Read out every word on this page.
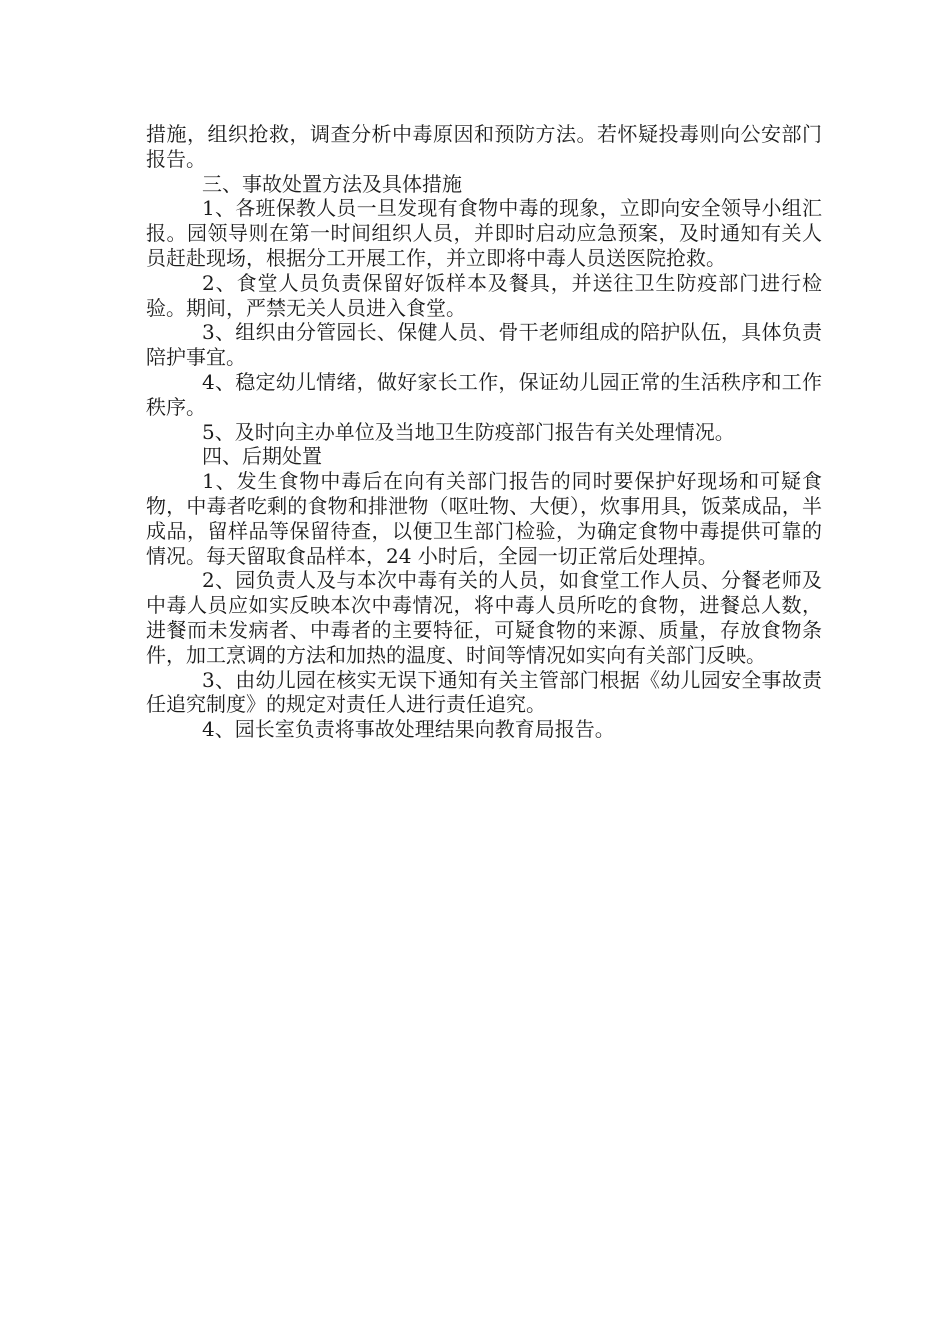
措施，组织抢救，调查分析中毒原因和预防方法。若怀疑投毒则向公安部门报告。

三、事故处置方法及具体措施

1、各班保教人员一旦发现有食物中毒的现象，立即向安全领导小组汇报。园领导则在第一时间组织人员，并即时启动应急预案，及时通知有关人员赶赴现场，根据分工开展工作，并立即将中毒人员送医院抢救。

2、食堂人员负责保留好饭样本及餐具，并送往卫生防疫部门进行检验。期间，严禁无关人员进入食堂。

3、组织由分管园长、保健人员、骨干老师组成的陪护队伍，具体负责陪护事宜。

4、稳定幼儿情绪，做好家长工作，保证幼儿园正常的生活秩序和工作秩序。

5、及时向主办单位及当地卫生防疫部门报告有关处理情况。

四、后期处置

1、发生食物中毒后在向有关部门报告的同时要保护好现场和可疑食物，中毒者吃剩的食物和排泄物（呕吐物、大便），炊事用具，饭菜成品，半成品，留样品等保留待查，以便卫生部门检验，为确定食物中毒提供可靠的情况。每天留取食品样本，24 小时后，全园一切正常后处理掉。

2、园负责人及与本次中毒有关的人员，如食堂工作人员、分餐老师及中毒人员应如实反映本次中毒情况，将中毒人员所吃的食物，进餐总人数，进餐而未发病者、中毒者的主要特征，可疑食物的来源、质量，存放食物条件，加工烹调的方法和加热的温度、时间等情况如实向有关部门反映。

3、由幼儿园在核实无误下通知有关主管部门根据《幼儿园安全事故责任追究制度》的规定对责任人进行责任追究。

4、园长室负责将事故处理结果向教育局报告。
